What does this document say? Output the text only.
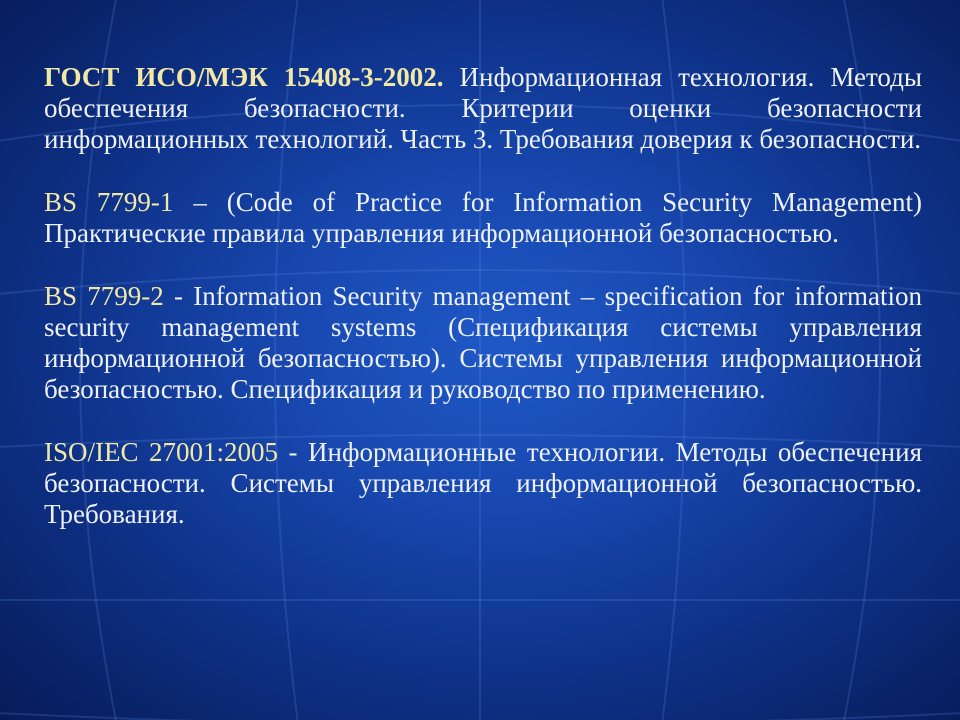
ГОСТ ИСО/МЭК 15408-3-2002. Информационная технология. Методы обеспечения безопасности. Критерии оценки безопасности информационных технологий. Часть 3. Требования доверия к безопасности.

BS 7799-1 – (Code of Practice for Information Security Management) Практические правила управления информационной безопасностью.

BS 7799-2 - Information Security management – specification for information security management systems (Спецификация системы управления информационной безопасностью). Системы управления информационной безопасностью. Спецификация и руководство по применению.

ISO/IEC 27001:2005 - Информационные технологии. Методы обеспечения безопасности. Системы управления информационной безопасностью. Требования.
